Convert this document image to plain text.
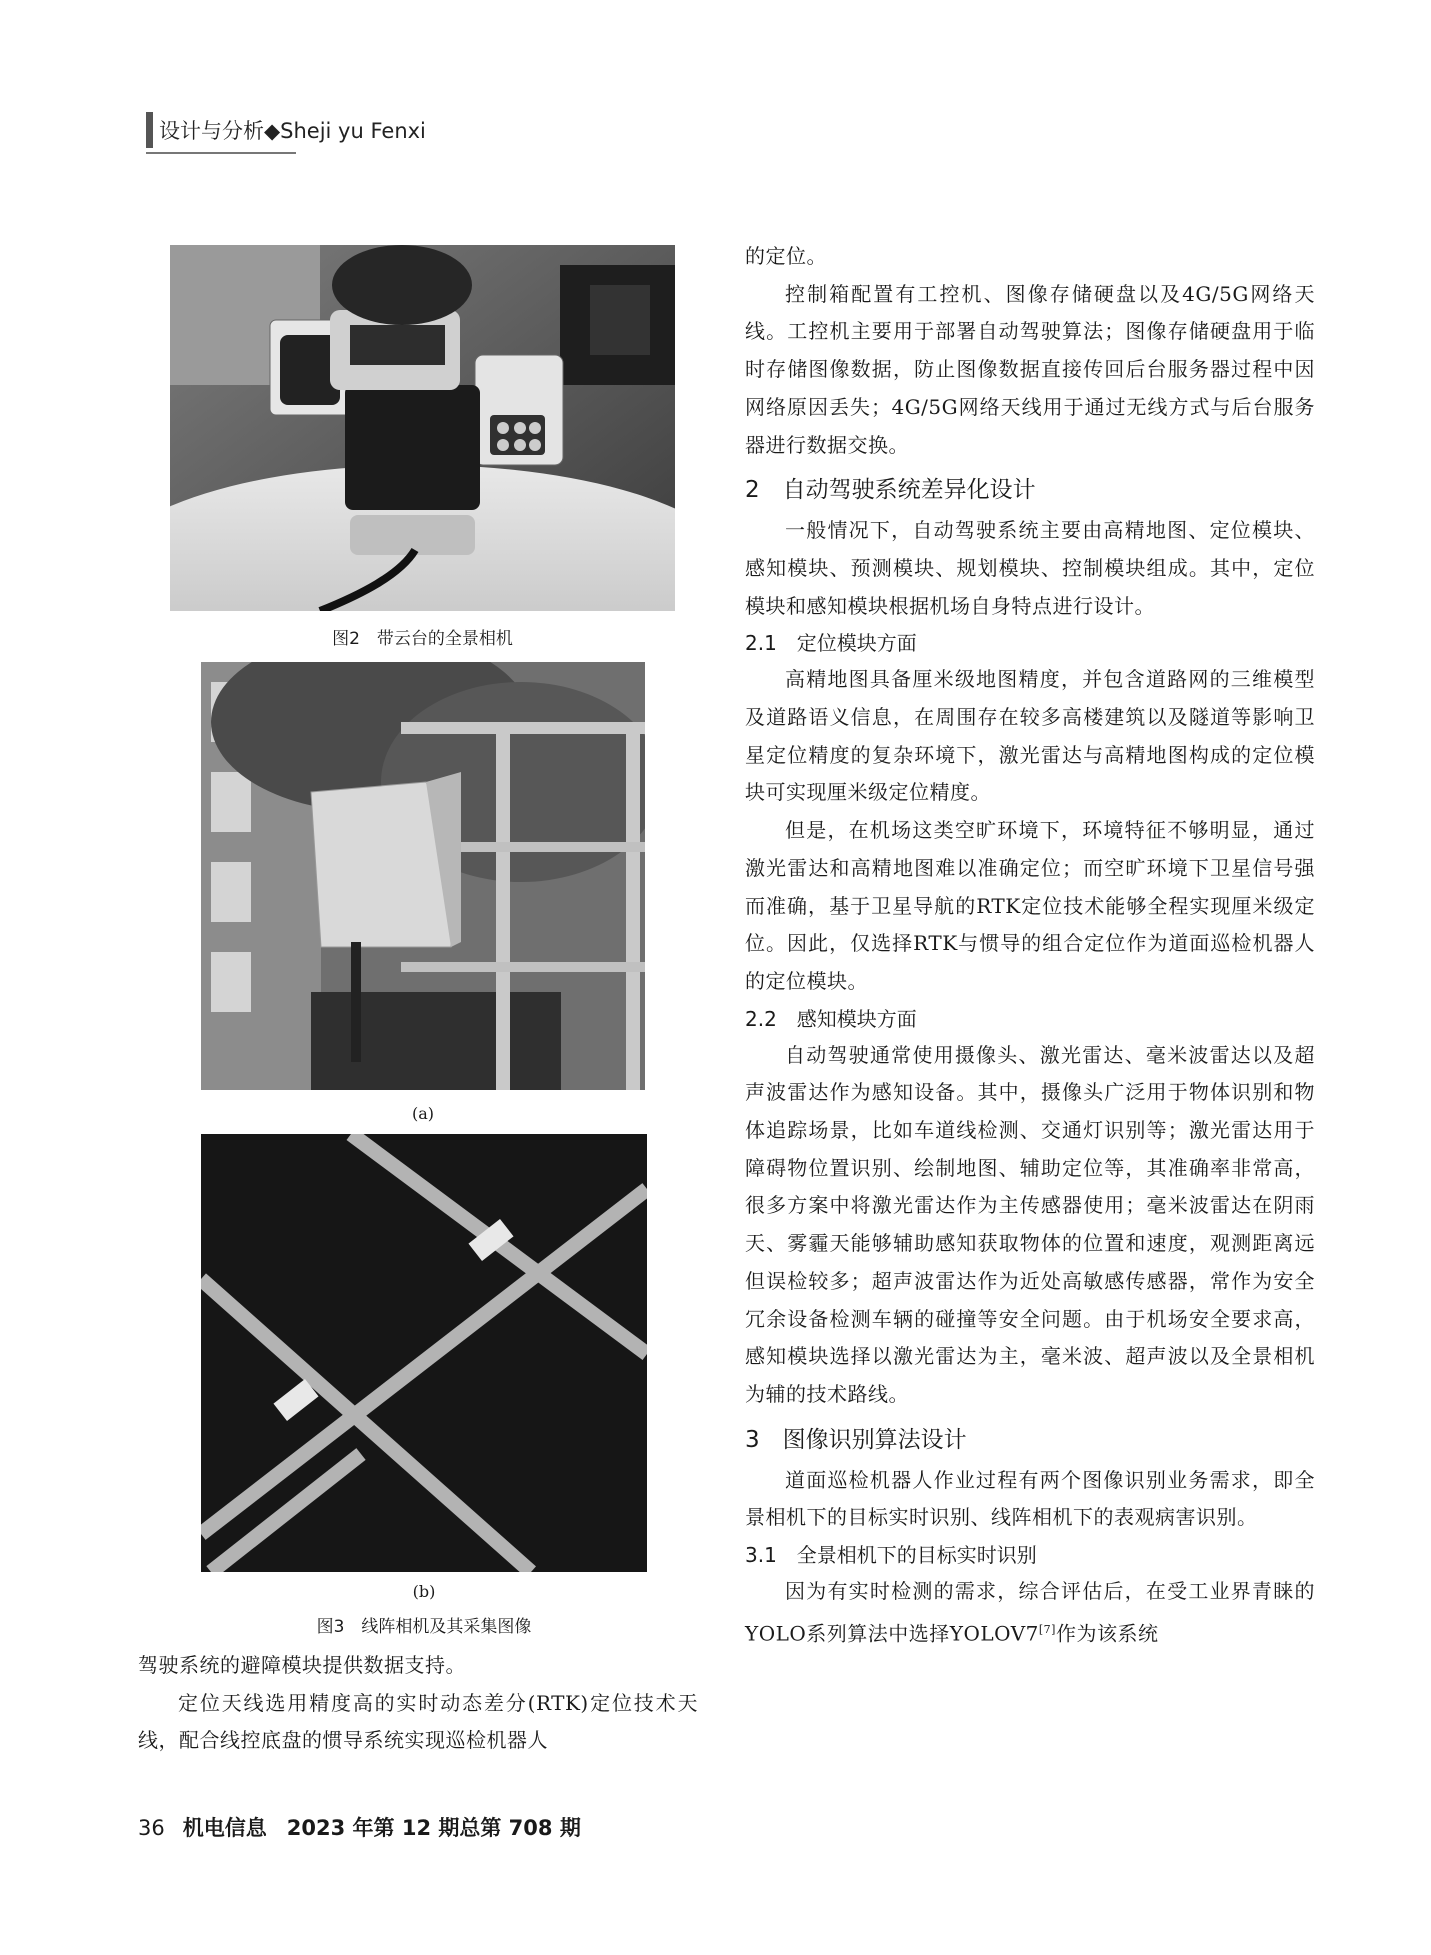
设计与分析◆Sheji yu Fenxi
图2　带云台的全景相机
(a)
(b)
图3　线阵相机及其采集图像

驾驶系统的避障模块提供数据支持。

定位天线选用精度高的实时动态差分(RTK)定位技术天线，配合线控底盘的惯导系统实现巡检机器人

的定位。

控制箱配置有工控机、图像存储硬盘以及4G/5G网络天线。工控机主要用于部署自动驾驶算法；图像存储硬盘用于临时存储图像数据，防止图像数据直接传回后台服务器过程中因网络原因丢失；4G/5G网络天线用于通过无线方式与后台服务器进行数据交换。

2　自动驾驶系统差异化设计

一般情况下，自动驾驶系统主要由高精地图、定位模块、感知模块、预测模块、规划模块、控制模块组成。其中，定位模块和感知模块根据机场自身特点进行设计。

2.1　定位模块方面

高精地图具备厘米级地图精度，并包含道路网的三维模型及道路语义信息，在周围存在较多高楼建筑以及隧道等影响卫星定位精度的复杂环境下，激光雷达与高精地图构成的定位模块可实现厘米级定位精度。

但是，在机场这类空旷环境下，环境特征不够明显，通过激光雷达和高精地图难以准确定位；而空旷环境下卫星信号强而准确，基于卫星导航的RTK定位技术能够全程实现厘米级定位。因此，仅选择RTK与惯导的组合定位作为道面巡检机器人的定位模块。

2.2　感知模块方面

自动驾驶通常使用摄像头、激光雷达、毫米波雷达以及超声波雷达作为感知设备。其中，摄像头广泛用于物体识别和物体追踪场景，比如车道线检测、交通灯识别等；激光雷达用于障碍物位置识别、绘制地图、辅助定位等，其准确率非常高，很多方案中将激光雷达作为主传感器使用；毫米波雷达在阴雨天、雾霾天能够辅助感知获取物体的位置和速度，观测距离远但误检较多；超声波雷达作为近处高敏感传感器，常作为安全冗余设备检测车辆的碰撞等安全问题。由于机场安全要求高，感知模块选择以激光雷达为主，毫米波、超声波以及全景相机为辅的技术路线。

3　图像识别算法设计

道面巡检机器人作业过程有两个图像识别业务需求，即全景相机下的目标实时识别、线阵相机下的表观病害识别。

3.1　全景相机下的目标实时识别

因为有实时检测的需求，综合评估后，在受工业界青睐的YOLO系列算法中选择YOLOV7[7]作为该系统

36 机电信息 2023 年第 12 期总第 708 期
